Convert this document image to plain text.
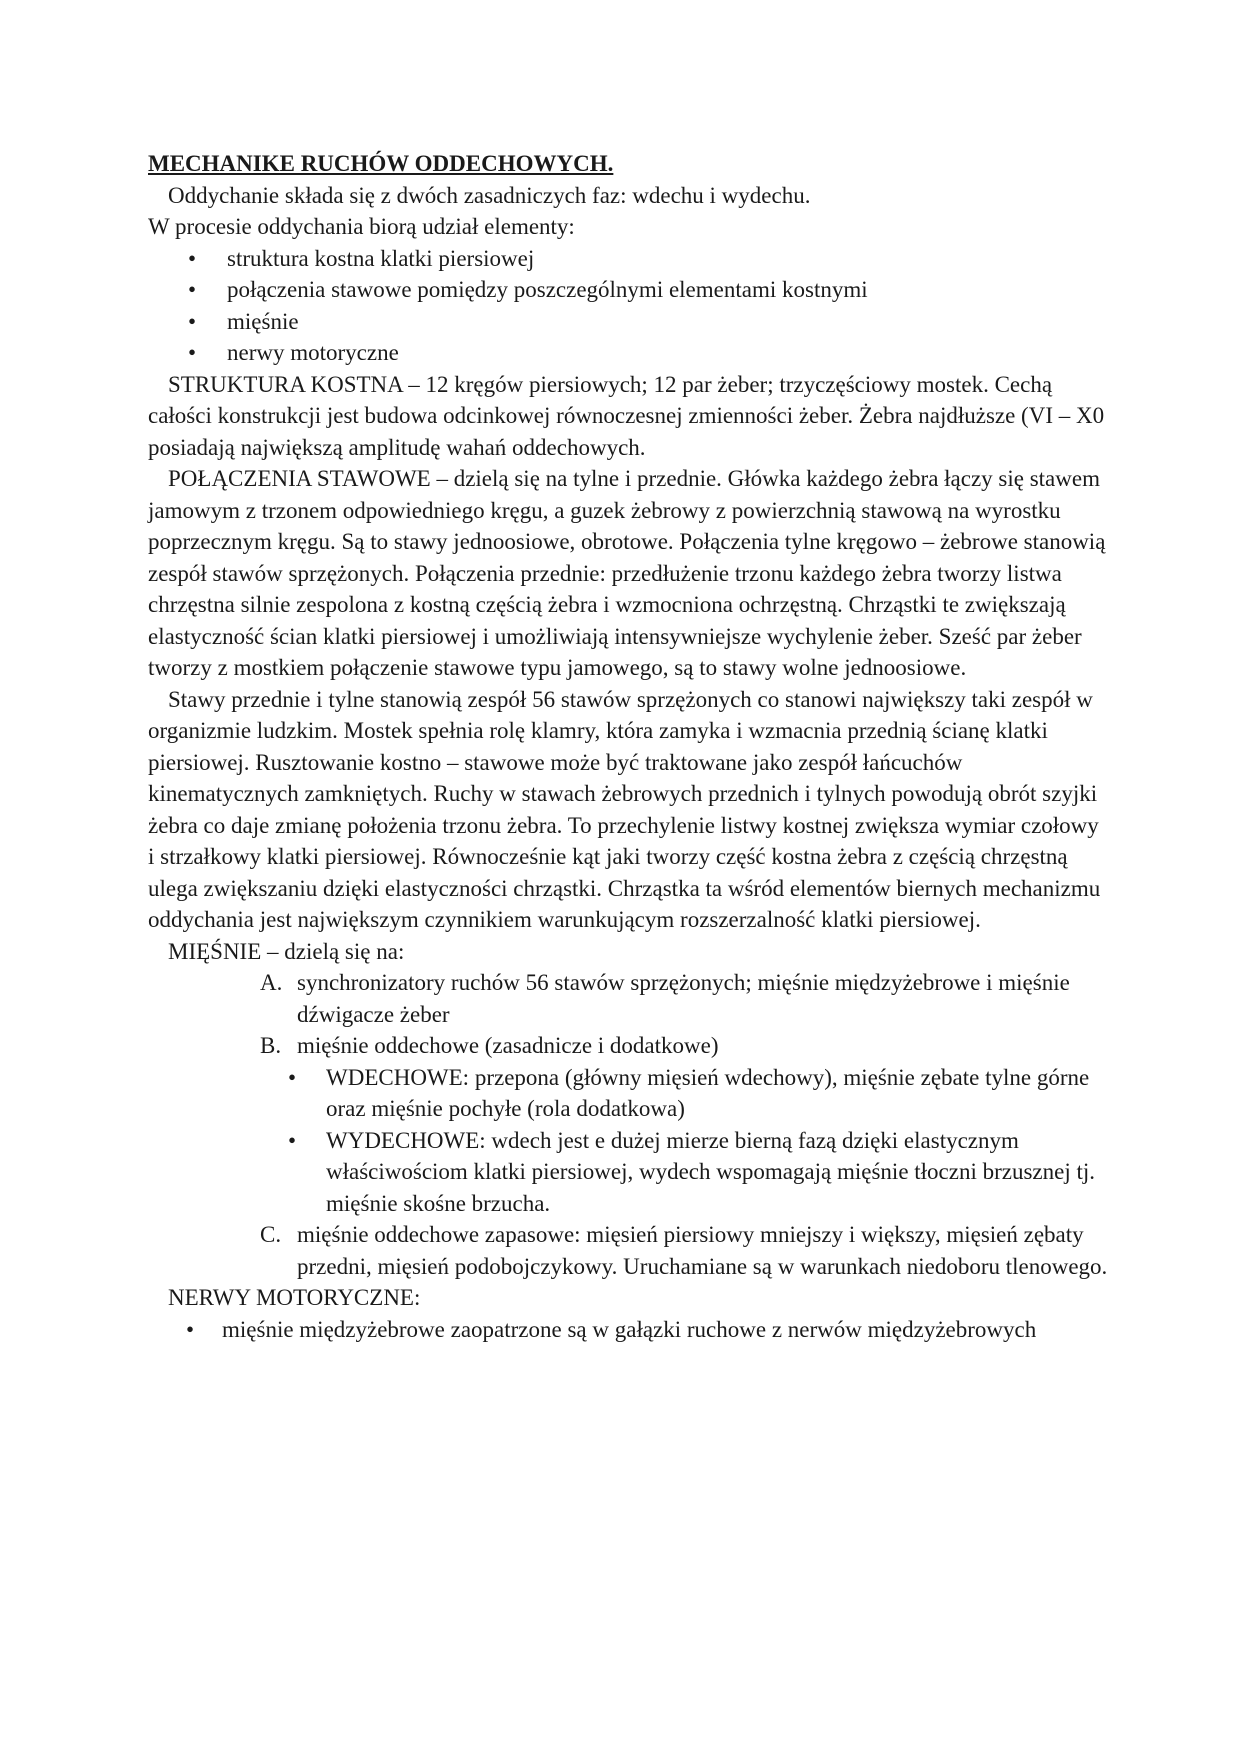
MECHANIKE RUCHÓW ODDECHOWYCH.

Oddychanie składa się z dwóch zasadniczych faz: wdechu i wydechu.

W procesie oddychania biorą udział elementy:

• struktura kostna klatki piersiowej
• połączenia stawowe pomiędzy poszczególnymi elementami kostnymi
• mięśnie
• nerwy motoryczne

STRUKTURA KOSTNA – 12 kręgów piersiowych; 12 par żeber; trzyczęściowy mostek. Cechą całości konstrukcji jest budowa odcinkowej równoczesnej zmienności żeber. Żebra najdłuższe (VI – X0 posiadają największą amplitudę wahań oddechowych.

POŁĄCZENIA STAWOWE – dzielą się na tylne i przednie. Główka każdego żebra łączy się stawem jamowym z trzonem odpowiedniego kręgu, a guzek żebrowy z powierzchnią stawową na wyrostku poprzecznym kręgu. Są to stawy jednoosiowe, obrotowe. Połączenia tylne kręgowo – żebrowe stanowią zespół stawów sprzężonych. Połączenia przednie: przedłużenie trzonu każdego żebra tworzy listwa chrzęstna silnie zespolona z kostną częścią żebra i wzmocniona ochrzęstną. Chrząstki te zwiększają elastyczność ścian klatki piersiowej i umożliwiają intensywniejsze wychylenie żeber. Sześć par żeber tworzy z mostkiem połączenie stawowe typu jamowego, są to stawy wolne jednoosiowe.

Stawy przednie i tylne stanowią zespół 56 stawów sprzężonych co stanowi największy taki zespół w organizmie ludzkim. Mostek spełnia rolę klamry, która zamyka i wzmacnia przednią ścianę klatki piersiowej. Rusztowanie kostno – stawowe może być traktowane jako zespół łańcuchów kinematycznych zamkniętych. Ruchy w stawach żebrowych przednich i tylnych powodują obrót szyjki żebra co daje zmianę położenia trzonu żebra. To przechylenie listwy kostnej zwiększa wymiar czołowy i strzałkowy klatki piersiowej. Równocześnie kąt jaki tworzy część kostna żebra z częścią chrzęstną ulega zwiększaniu dzięki elastyczności chrząstki. Chrząstka ta wśród elementów biernych mechanizmu oddychania jest największym czynnikiem warunkującym rozszerzalność klatki piersiowej.

MIĘŚNIE – dzielą się na:

A. synchronizatory ruchów 56 stawów sprzężonych; mięśnie międzyżebrowe i mięśnie dźwigacze żeber
B. mięśnie oddechowe (zasadnicze i dodatkowe)
• WDECHOWE: przepona (główny mięsień wdechowy), mięśnie zębate tylne górne oraz mięśnie pochyłe (rola dodatkowa)
• WYDECHOWE: wdech jest e dużej mierze bierną fazą dzięki elastycznym właściwościom klatki piersiowej, wydech wspomagają mięśnie tłoczni brzusznej tj. mięśnie skośne brzucha.
C. mięśnie oddechowe zapasowe: mięsień piersiowy mniejszy i większy, mięsień zębaty przedni, mięsień podobojczykowy. Uruchamiane są w warunkach niedoboru tlenowego.

NERWY MOTORYCZNE:

• mięśnie międzyżebrowe zaopatrzone są w gałązki ruchowe z nerwów międzyżebrowych
